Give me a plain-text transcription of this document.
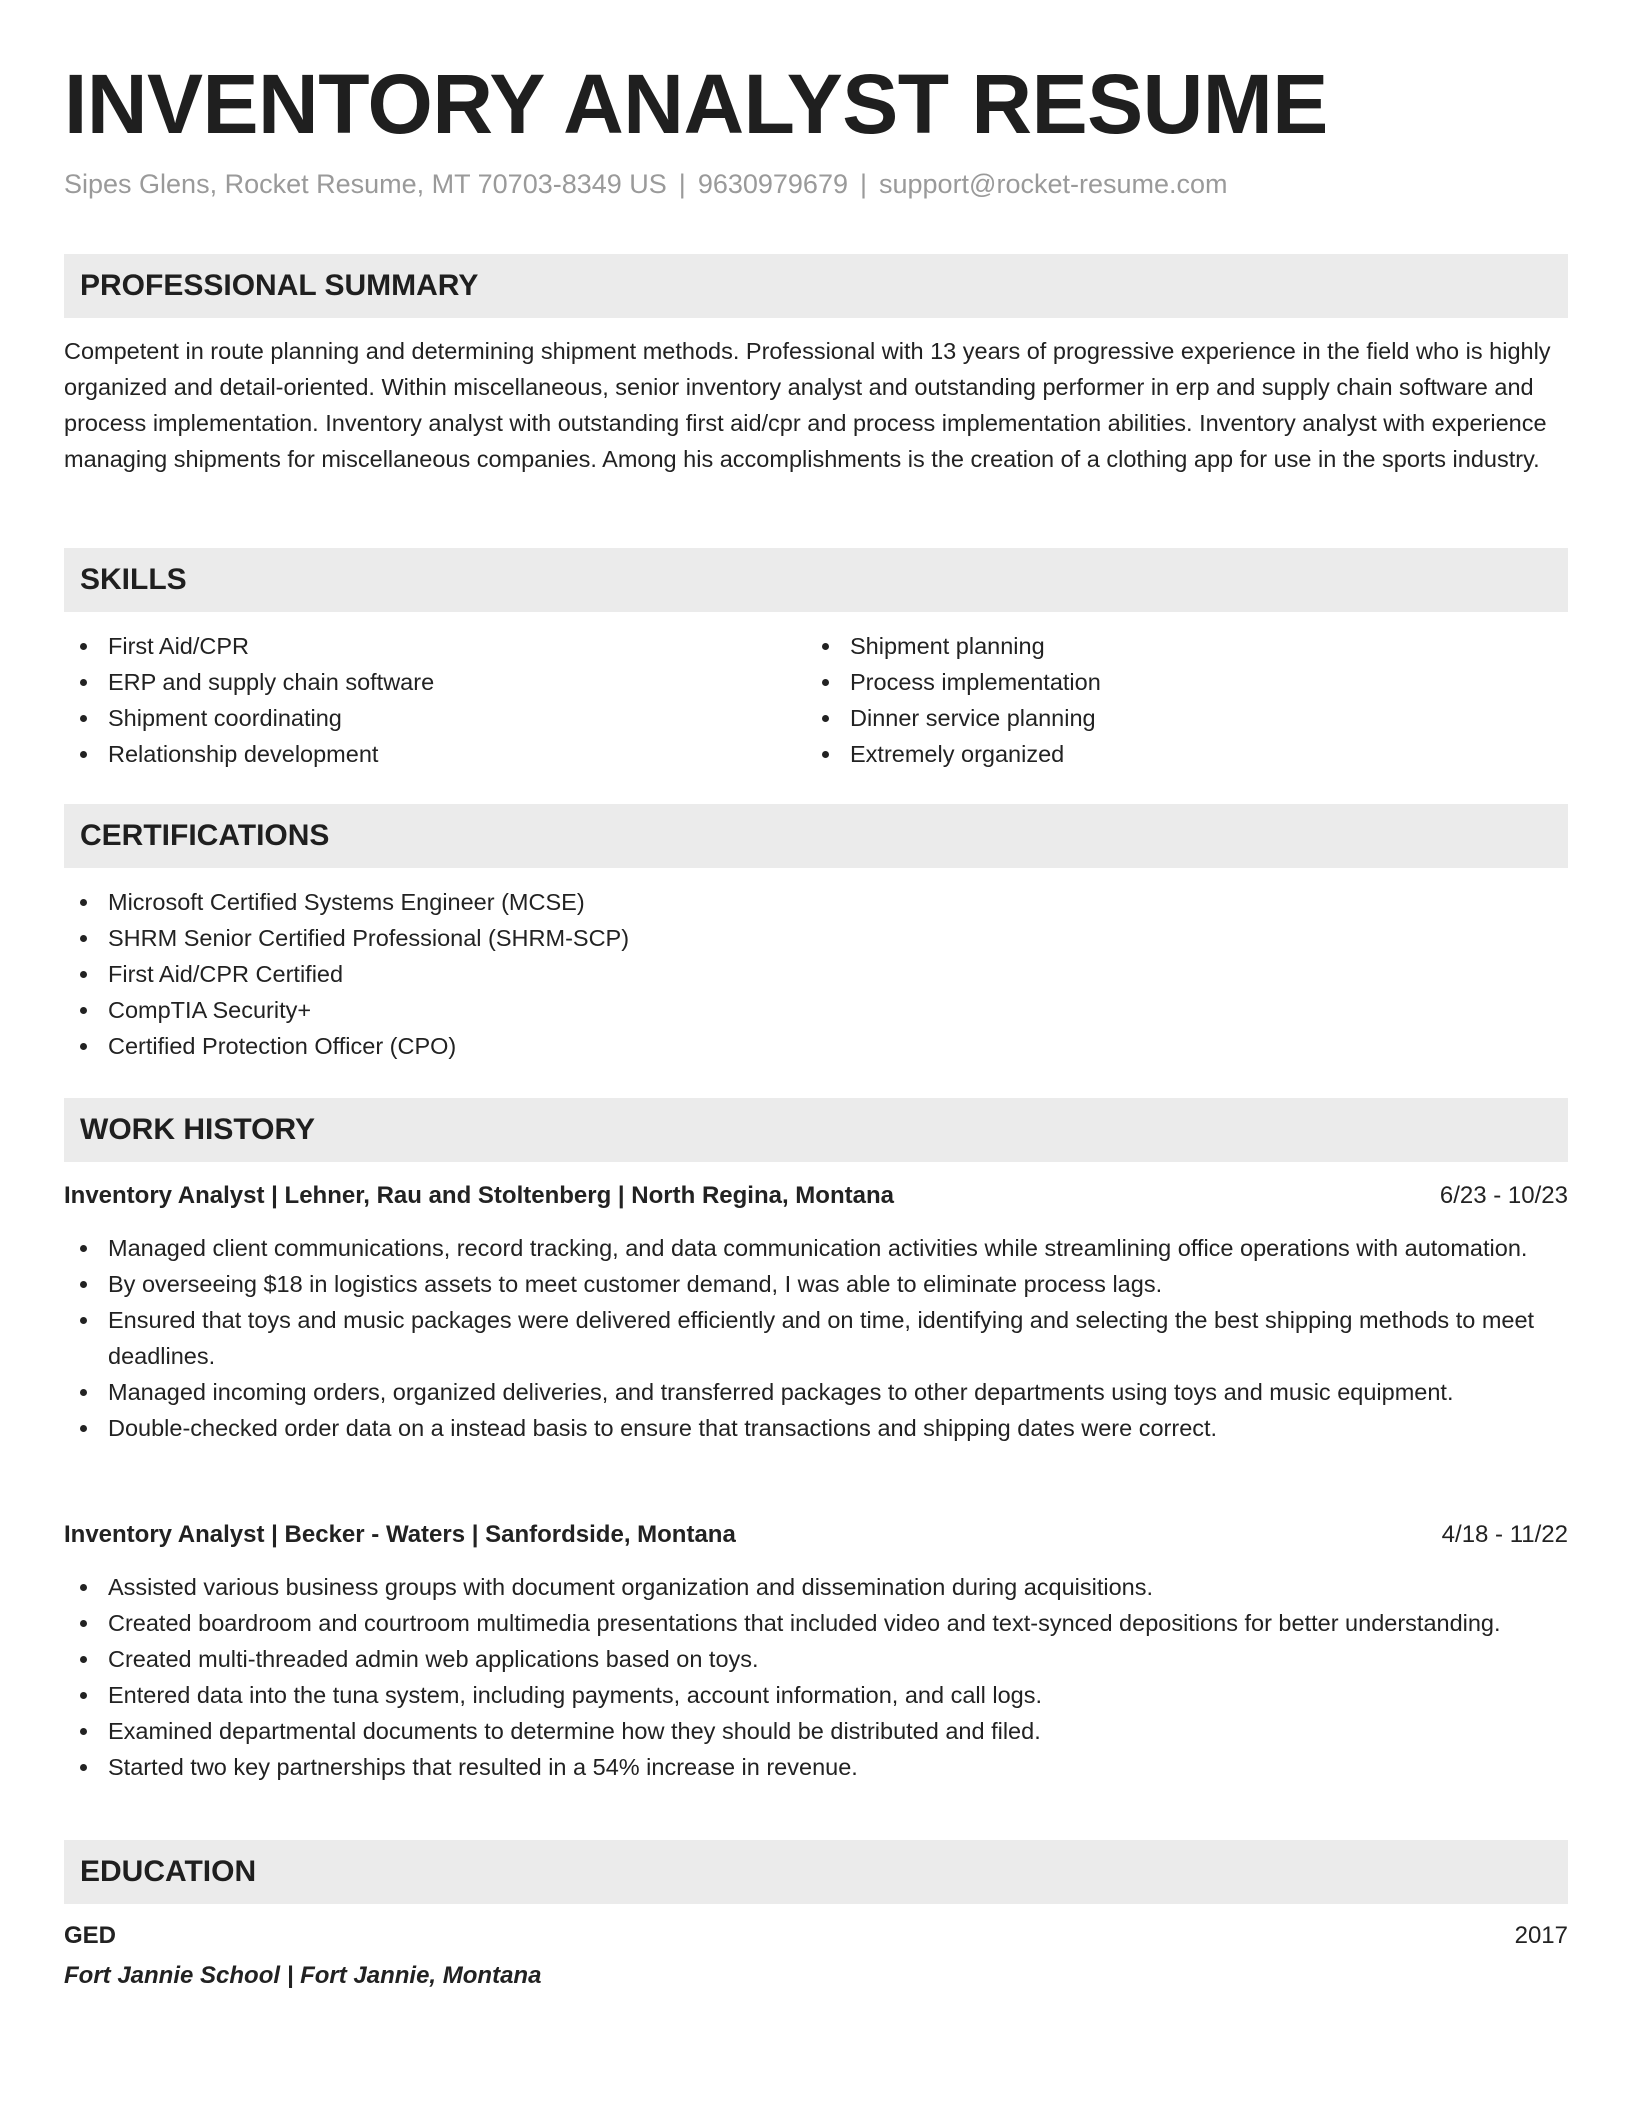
INVENTORY ANALYST RESUME
Sipes Glens, Rocket Resume, MT 70703-8349 US | 9630979679 | support@rocket-resume.com
PROFESSIONAL SUMMARY

Competent in route planning and determining shipment methods. Professional with 13 years of progressive experience in the field who is highly organized and detail-oriented. Within miscellaneous, senior inventory analyst and outstanding performer in erp and supply chain software and process implementation. Inventory analyst with outstanding first aid/cpr and process implementation abilities. Inventory analyst with experience managing shipments for miscellaneous companies. Among his accomplishments is the creation of a clothing app for use in the sports industry.

SKILLS
First Aid/CPR
ERP and supply chain software
Shipment coordinating
Relationship development
Shipment planning
Process implementation
Dinner service planning
Extremely organized
CERTIFICATIONS
Microsoft Certified Systems Engineer (MCSE)
SHRM Senior Certified Professional (SHRM-SCP)
First Aid/CPR Certified
CompTIA Security+
Certified Protection Officer (CPO)
WORK HISTORY
Inventory Analyst | Lehner, Rau and Stoltenberg | North Regina, Montana	6/23 - 10/23
Managed client communications, record tracking, and data communication activities while streamlining office operations with automation.
By overseeing $18 in logistics assets to meet customer demand, I was able to eliminate process lags.
Ensured that toys and music packages were delivered efficiently and on time, identifying and selecting the best shipping methods to meet deadlines.
Managed incoming orders, organized deliveries, and transferred packages to other departments using toys and music equipment.
Double-checked order data on a instead basis to ensure that transactions and shipping dates were correct.
Inventory Analyst | Becker - Waters | Sanfordside, Montana	4/18 - 11/22
Assisted various business groups with document organization and dissemination during acquisitions.
Created boardroom and courtroom multimedia presentations that included video and text-synced depositions for better understanding.
Created multi-threaded admin web applications based on toys.
Entered data into the tuna system, including payments, account information, and call logs.
Examined departmental documents to determine how they should be distributed and filed.
Started two key partnerships that resulted in a 54% increase in revenue.
EDUCATION
GED	2017
Fort Jannie School | Fort Jannie, Montana
